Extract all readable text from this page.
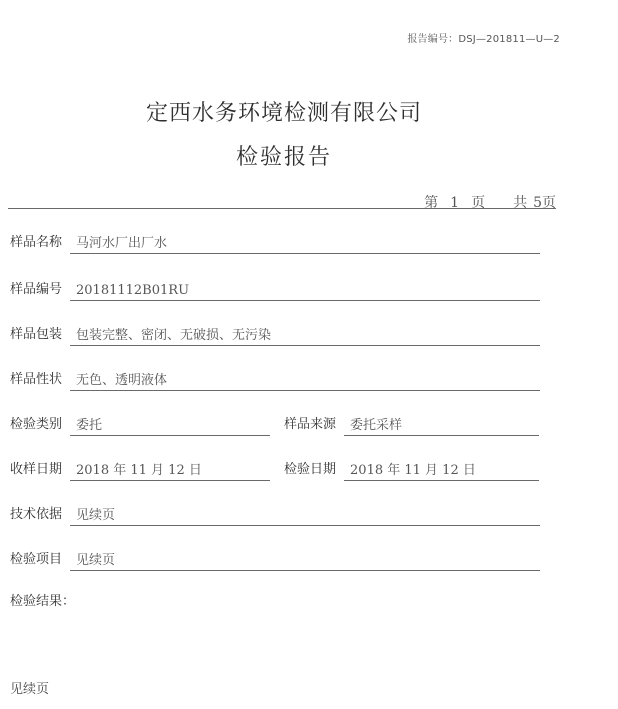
报告编号：DSJ—201811—U—2
定西水务环境检测有限公司
检验报告
第 1 页 共 5页
样品名称	马河水厂出厂水
样品编号	20181112B01RU
样品包装	包装完整、密闭、无破损、无污染
样品性状	无色、透明液体
检验类别	委托	样品来源	委托采样
收样日期	2018 年 11 月 12 日	检验日期	2018 年 11 月 12 日
技术依据	见续页
检验项目	见续页
检验结果：
见续页
